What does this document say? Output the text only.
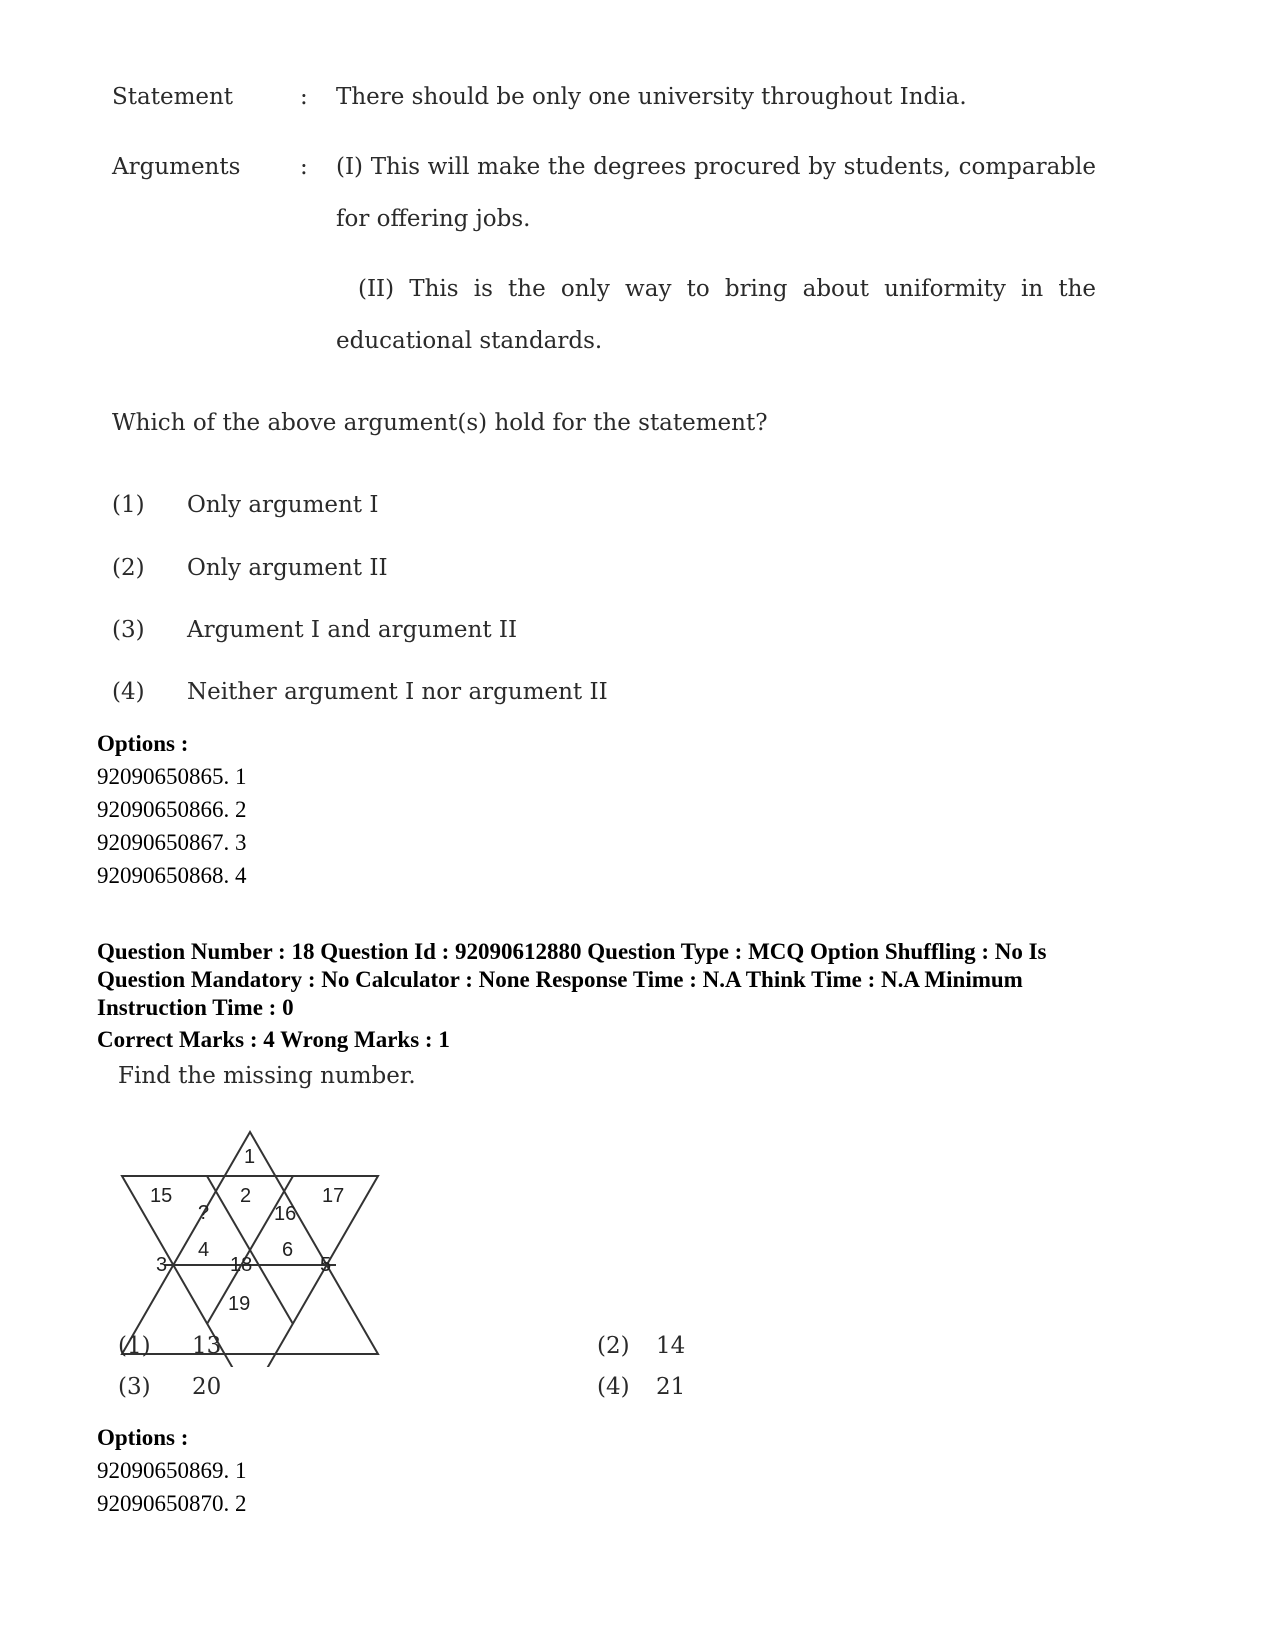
Statement	: There should be only one university throughout India.
Arguments	: (I) This will make the degrees procured by students, comparable
for offering jobs.
(II) This is the only way to bring about uniformity in the
educational standards.
Which of the above argument(s) hold for the statement?
(1) Only argument I
(2) Only argument II
(3) Argument I and argument II
(4) Neither argument I nor argument II
Options :
92090650865. 1
92090650866. 2
92090650867. 3
92090650868. 4
Question Number : 18 Question Id : 92090612880 Question Type : MCQ Option Shuffling : No Is
Question Mandatory : No Calculator : None Response Time : N.A Think Time : N.A Minimum
Instruction Time : 0
Correct Marks : 4 Wrong Marks : 1
Find the missing number.
1
15	17
?
2
16
4	6
3	18	5
19
(1) 13	(2) 14
(3) 20	(4) 21
Options :
92090650869. 1
92090650870. 2
